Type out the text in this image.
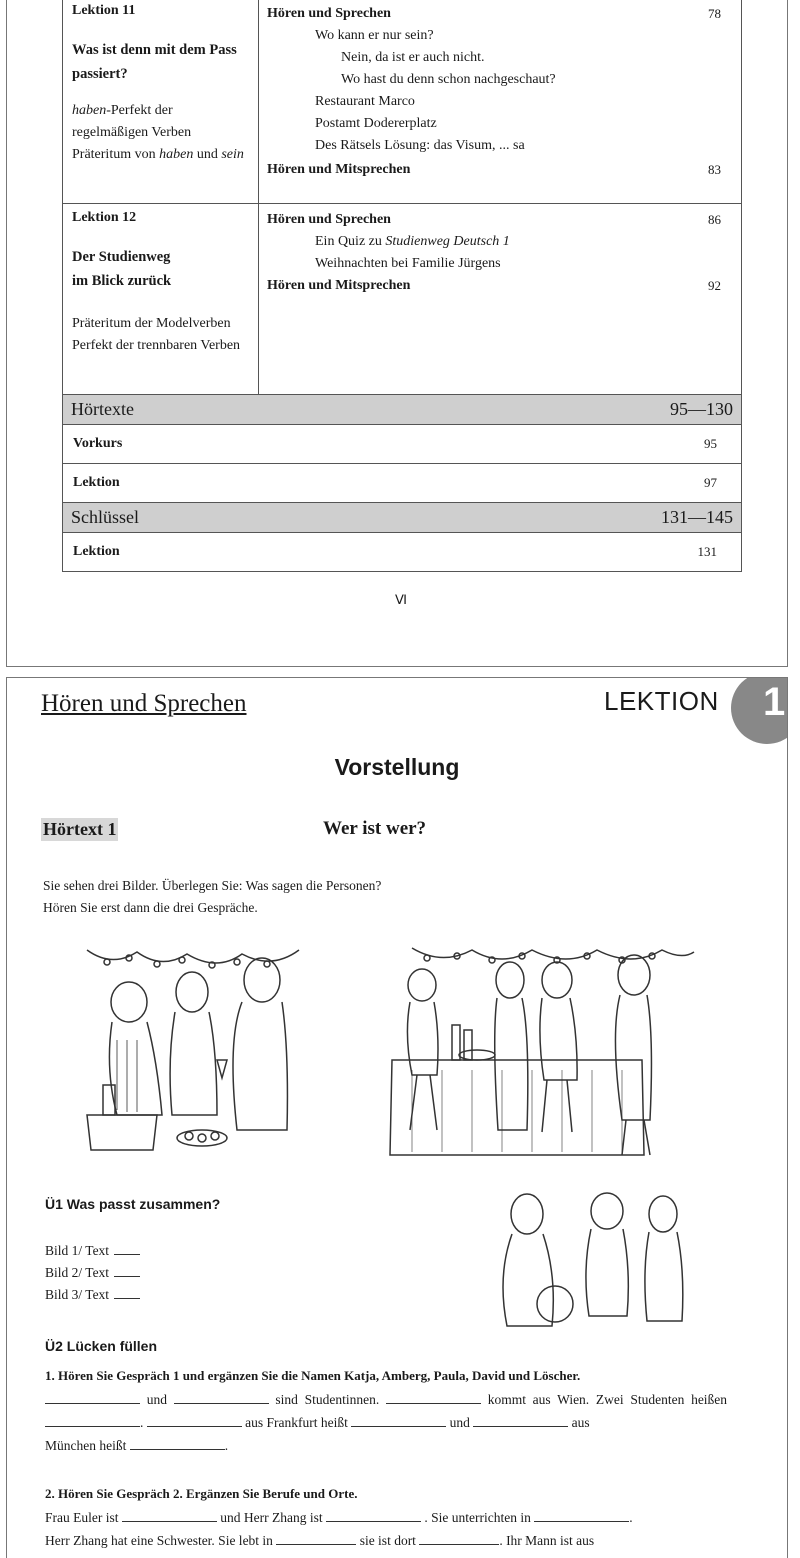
Lektion 11
Was ist denn mit dem Pass passiert?
haben-Perfekt der regelmäßigen Verben
Präteritum von haben und sein
Hören und Sprechen	78
Wo kann er nur sein?
Nein, da ist er auch nicht.
Wo hast du denn schon nachgeschaut?
Restaurant Marco
Postamt Dodererplatz
Des Rätsels Lösung: das Visum, ... sa
Hören und Mitsprechen	83
Lektion 12
Der Studienweg
im Blick zurück
Präteritum der Modelverben
Perfekt der trennbaren Verben
Hören und Sprechen	86
Ein Quiz zu Studienweg Deutsch 1
Weihnachten bei Familie Jürgens
Hören und Mitsprechen	92
Hörtexte	95—130
Vorkurs	95
Lektion	97
Schlüssel	131—145
Lektion	131
Ⅵ
Hören und Sprechen	LEKTION 1
Vorstellung
Hörtext 1	Wer ist wer?
Sie sehen drei Bilder. Überlegen Sie: Was sagen die Personen?
Hören Sie erst dann die drei Gespräche.
Ü1 Was passt zusammen?
Bild 1/ Text
Bild 2/ Text
Bild 3/ Text
Ü2 Lücken füllen
1. Hören Sie Gespräch 1 und ergänzen Sie die Namen Katja, Amberg, Paula, David und Löscher.
und	sind Studentinnen.	kommt aus Wien. Zwei Studenten heißen .	aus Frankfurt heißt	und	aus
München heißt	.
2. Hören Sie Gespräch 2. Ergänzen Sie Berufe und Orte.
Frau Euler ist	und Herr Zhang ist	. Sie unterrichten in	.
Herr Zhang hat eine Schwester. Sie lebt in	sie ist dort	. Ihr Mann ist aus
